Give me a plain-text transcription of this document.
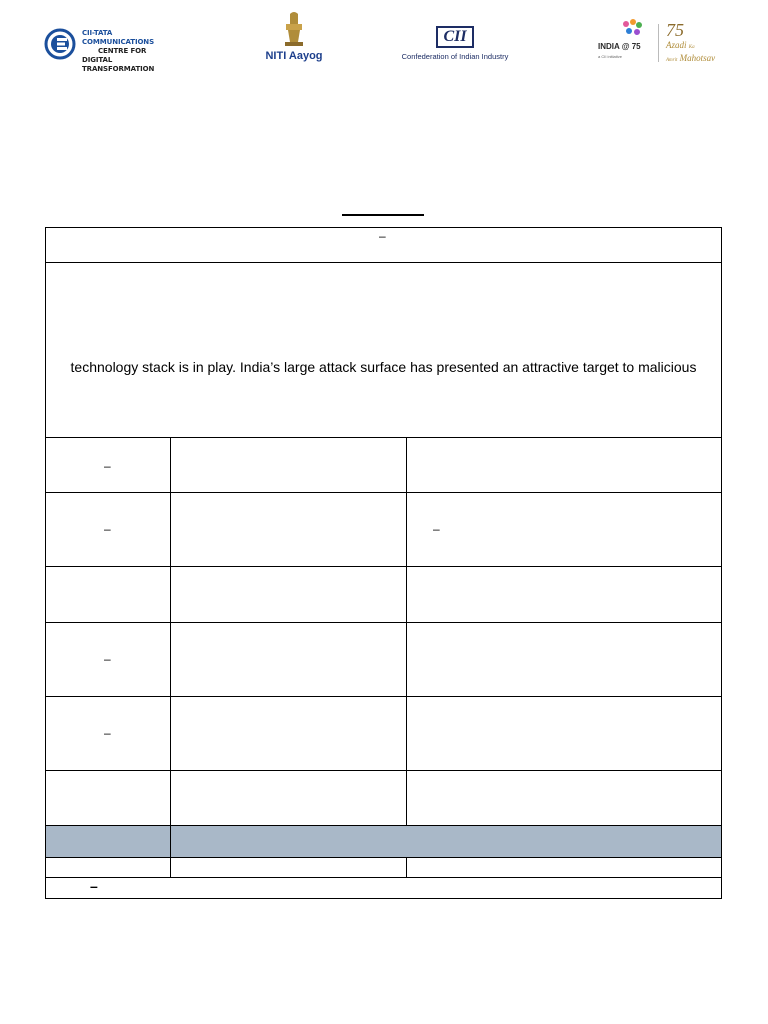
CII-TATA COMMUNICATIONS
CENTRE FOR
DIGITAL TRANSFORMATION
NITI Aayog
CII
Confederation of Indian Industry
INDIA @ 75
a CII initiative
75
Azadi Ka
Amrit Mahotsav
–
technology stack is in play. India’s large attack surface has presented an attractive target to malicious
–
–	–
–
–
–
